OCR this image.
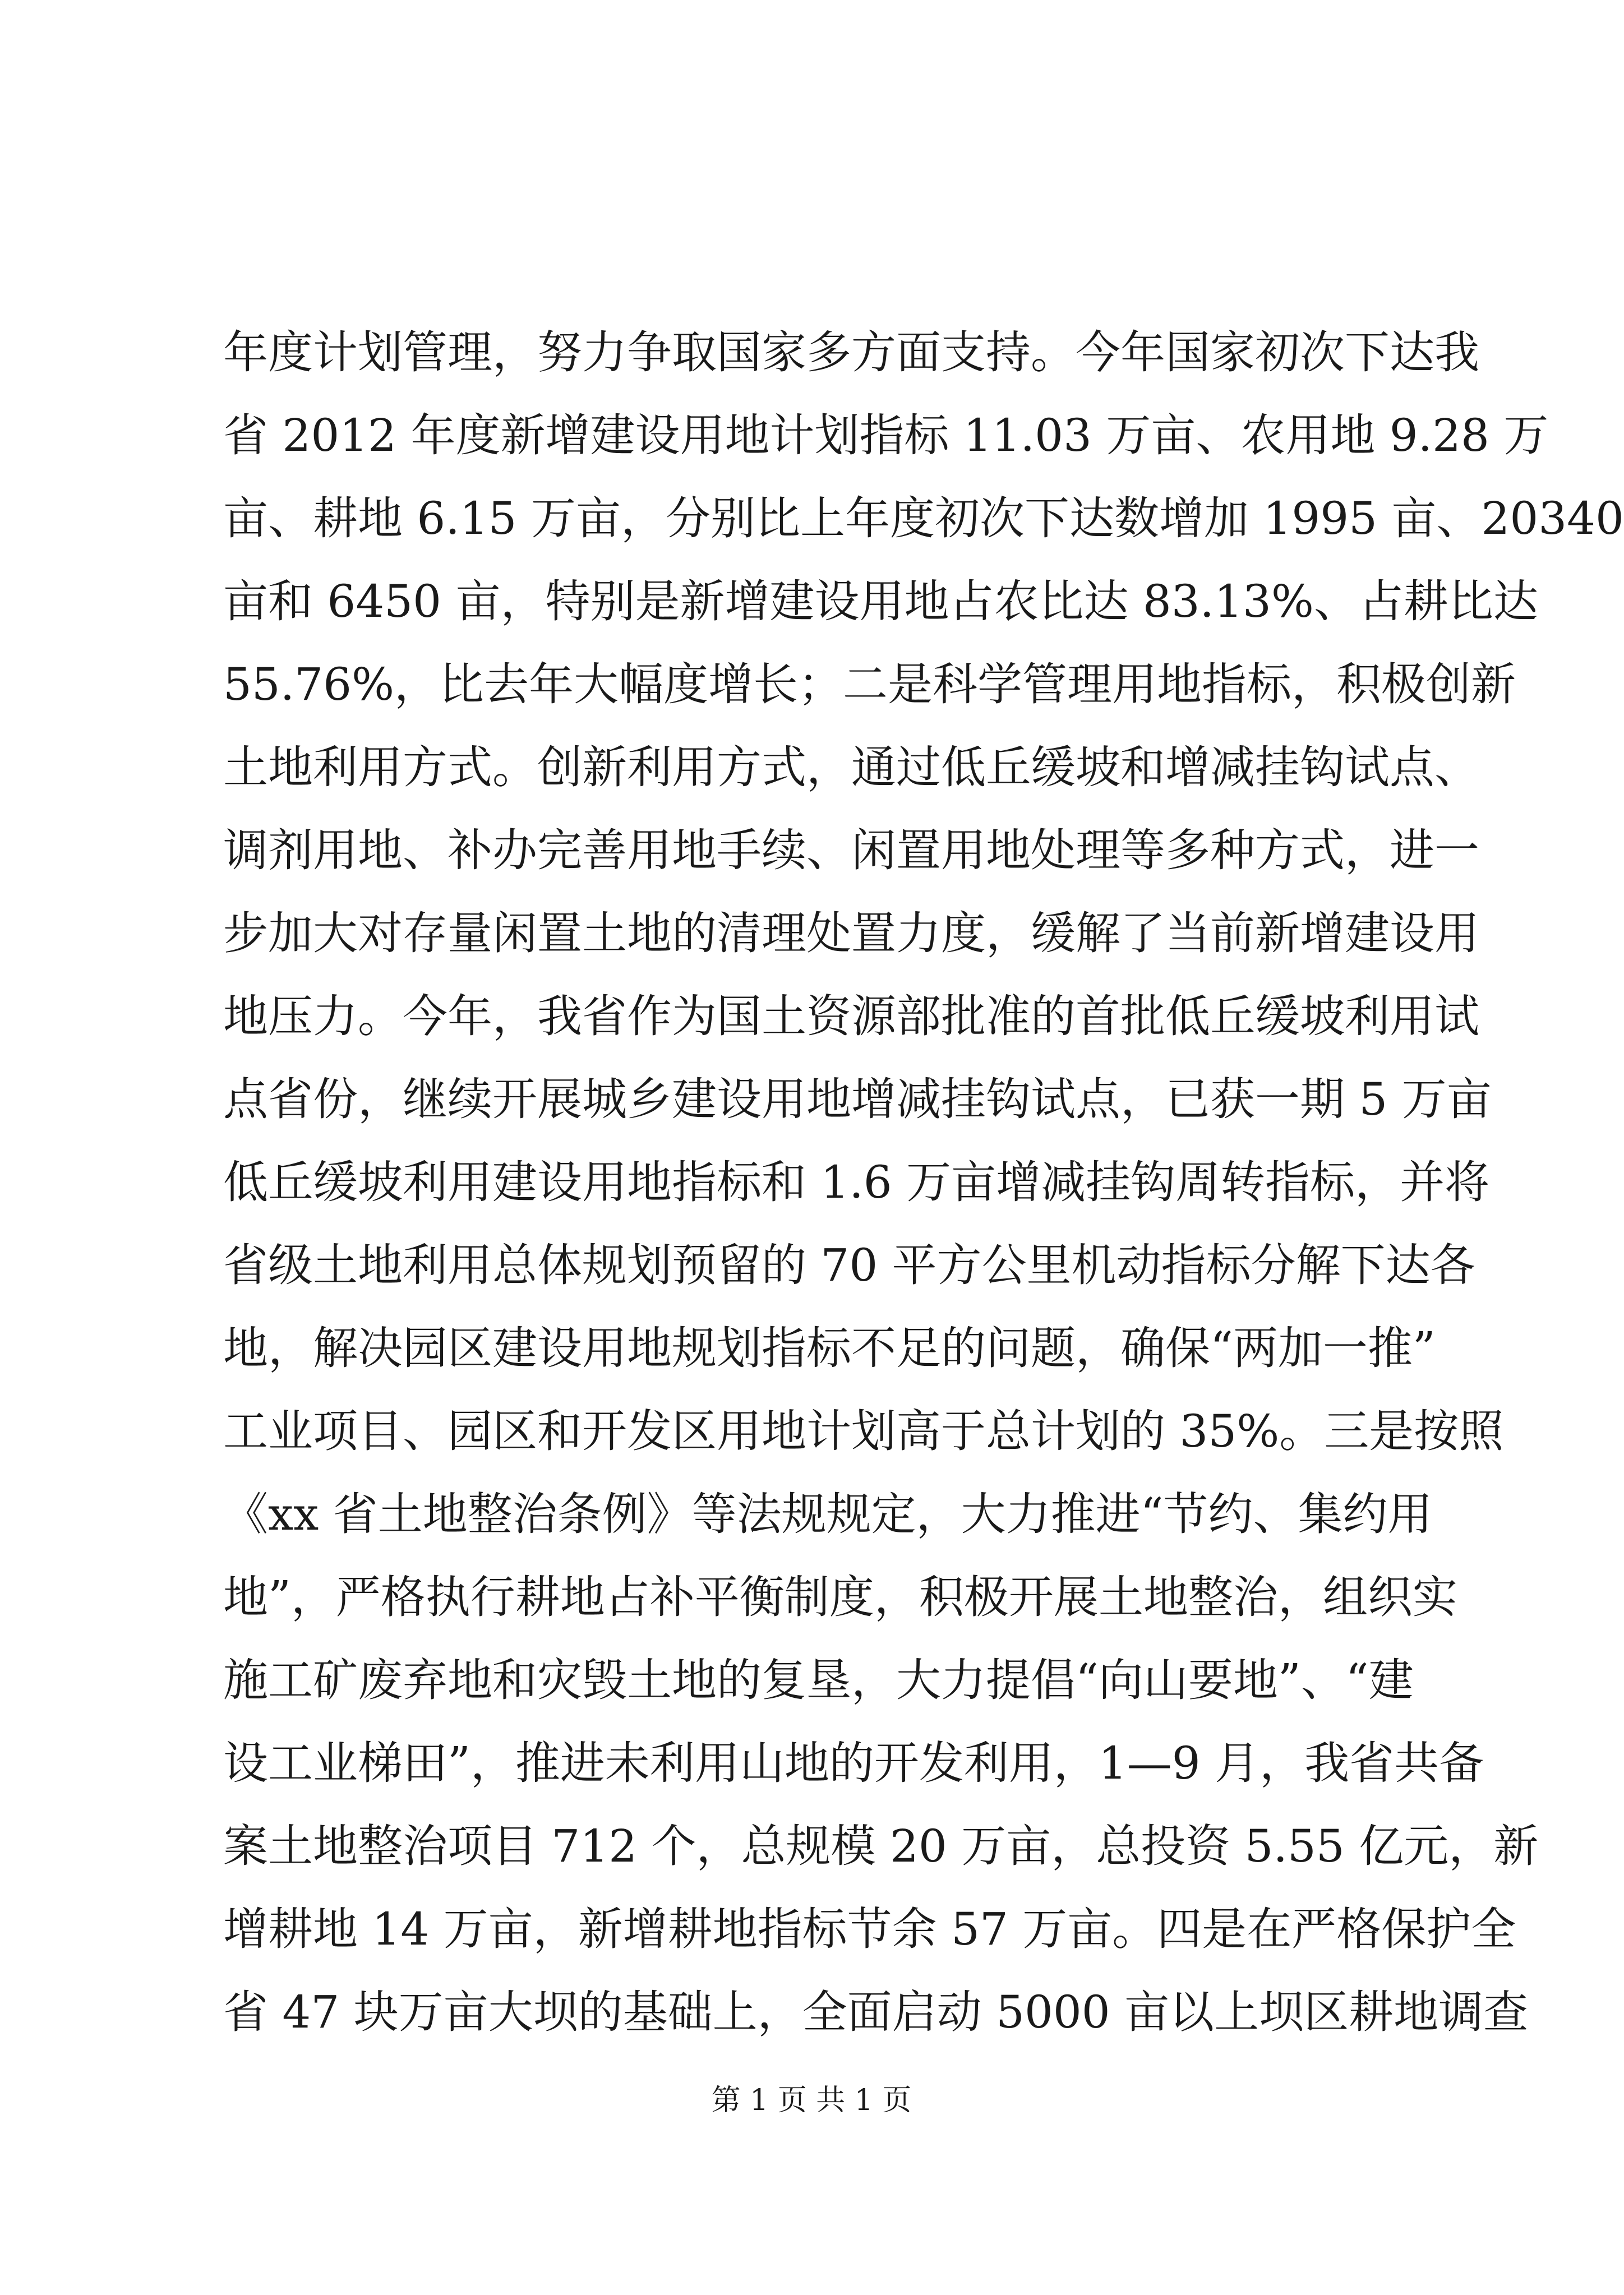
年度计划管理，努力争取国家多方面支持。今年国家初次下达我
省 2012 年度新增建设用地计划指标 11.03 万亩、农用地 9.28 万
亩、耕地 6.15 万亩，分别比上年度初次下达数增加 1995 亩、20340
亩和 6450 亩，特别是新增建设用地占农比达 83.13%、占耕比达
55.76%，比去年大幅度增长；二是科学管理用地指标，积极创新
土地利用方式。创新利用方式，通过低丘缓坡和增减挂钩试点、
调剂用地、补办完善用地手续、闲置用地处理等多种方式，进一
步加大对存量闲置土地的清理处置力度，缓解了当前新增建设用
地压力。今年，我省作为国土资源部批准的首批低丘缓坡利用试
点省份，继续开展城乡建设用地增减挂钩试点，已获一期 5 万亩
低丘缓坡利用建设用地指标和 1.6 万亩增减挂钩周转指标，并将
省级土地利用总体规划预留的 70 平方公里机动指标分解下达各
地，解决园区建设用地规划指标不足的问题，确保“两加一推”
工业项目、园区和开发区用地计划高于总计划的 35%。三是按照
《xx 省土地整治条例》等法规规定，大力推进“节约、集约用
地”，严格执行耕地占补平衡制度，积极开展土地整治，组织实
施工矿废弃地和灾毁土地的复垦，大力提倡“向山要地”、“建
设工业梯田”，推进未利用山地的开发利用，1—9 月，我省共备
案土地整治项目 712 个，总规模 20 万亩，总投资 5.55 亿元，新
增耕地 14 万亩，新增耕地指标节余 57 万亩。四是在严格保护全
省 47 块万亩大坝的基础上，全面启动 5000 亩以上坝区耕地调查
第 1 页 共 1 页
